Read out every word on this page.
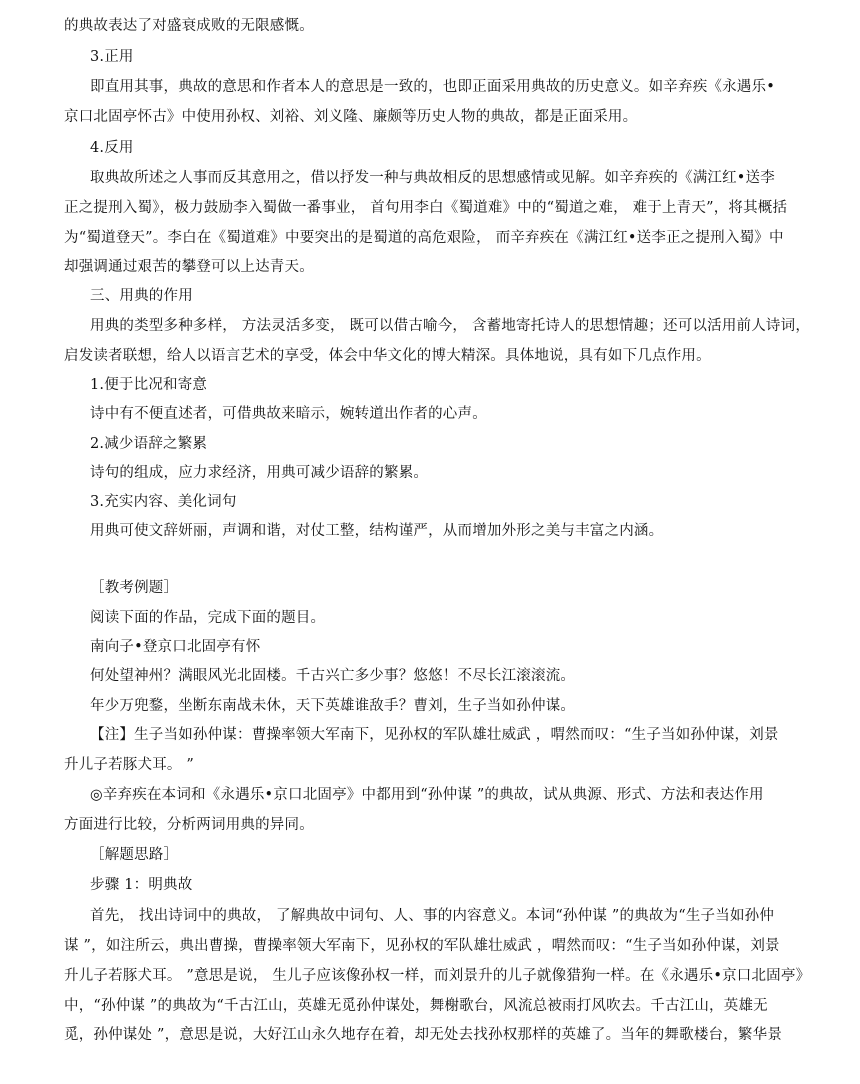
的典故表达了对盛衰成败的无限感慨。
3.正用
即直用其事，典故的意思和作者本人的意思是一致的，也即正面采用典故的历史意义。如辛弃疾《永遇乐•
京口北固亭怀古》中使用孙权、刘裕、刘义隆、廉颇等历史人物的典故，都是正面采用。
4.反用
取典故所述之人事而反其意用之，借以抒发一种与典故相反的思想感情或见解。如辛弃疾的《满江红•送李
正之提刑入蜀》，极力鼓励李入蜀做一番事业， 首句用李白《蜀道难》中的“蜀道之难， 难于上青天”，将其概括
为“蜀道登天”。李白在《蜀道难》中要突出的是蜀道的高危艰险， 而辛弃疾在《满江红•送李正之提刑入蜀》中
却强调通过艰苦的攀登可以上达青天。
三、用典的作用
用典的类型多种多样， 方法灵活多变， 既可以借古喻今， 含蓄地寄托诗人的思想情趣；还可以活用前人诗词，
启发读者联想，给人以语言艺术的享受，体会中华文化的博大精深。具体地说，具有如下几点作用。
1.便于比况和寄意
诗中有不便直述者，可借典故来暗示，婉转道出作者的心声。
2.减少语辞之繁累
诗句的组成，应力求经济，用典可减少语辞的繁累。
3.充实内容、美化词句
用典可使文辞妍丽，声调和谐，对仗工整，结构谨严，从而增加外形之美与丰富之内涵。
［教考例题］
阅读下面的作品，完成下面的题目。
南向子•登京口北固亭有怀
何处望神州？满眼风光北固楼。千古兴亡多少事？悠悠！不尽长江滚滚流。
年少万兜鍪，坐断东南战未休，天下英雄谁敌手？曹刘，生子当如孙仲谋。
【注】生子当如孙仲谋：曹操率领大军南下，见孙权的军队雄壮威武 ，喟然而叹：“生子当如孙仲谋，刘景
升儿子若豚犬耳。 ”
◎辛弃疾在本词和《永遇乐•京口北固亭》中都用到“孙仲谋 ”的典故，试从典源、形式、方法和表达作用
方面进行比较，分析两词用典的异同。
［解题思路］
步骤 1：明典故
首先， 找出诗词中的典故， 了解典故中词句、人、事的内容意义。本词“孙仲谋 ”的典故为“生子当如孙仲
谋 ”，如注所云，典出曹操，曹操率领大军南下，见孙权的军队雄壮威武 ，喟然而叹：“生子当如孙仲谋，刘景
升儿子若豚犬耳。 ”意思是说， 生儿子应该像孙权一样，而刘景升的儿子就像猎狗一样。在《永遇乐•京口北固亭》
中，“孙仲谋 ”的典故为“千古江山，英雄无觅孙仲谋处，舞榭歌台，风流总被雨打风吹去。千古江山，英雄无
觅，孙仲谋处 ”，意思是说，大好江山永久地存在着，却无处去找孙权那样的英雄了。当年的舞歌楼台，繁华景
